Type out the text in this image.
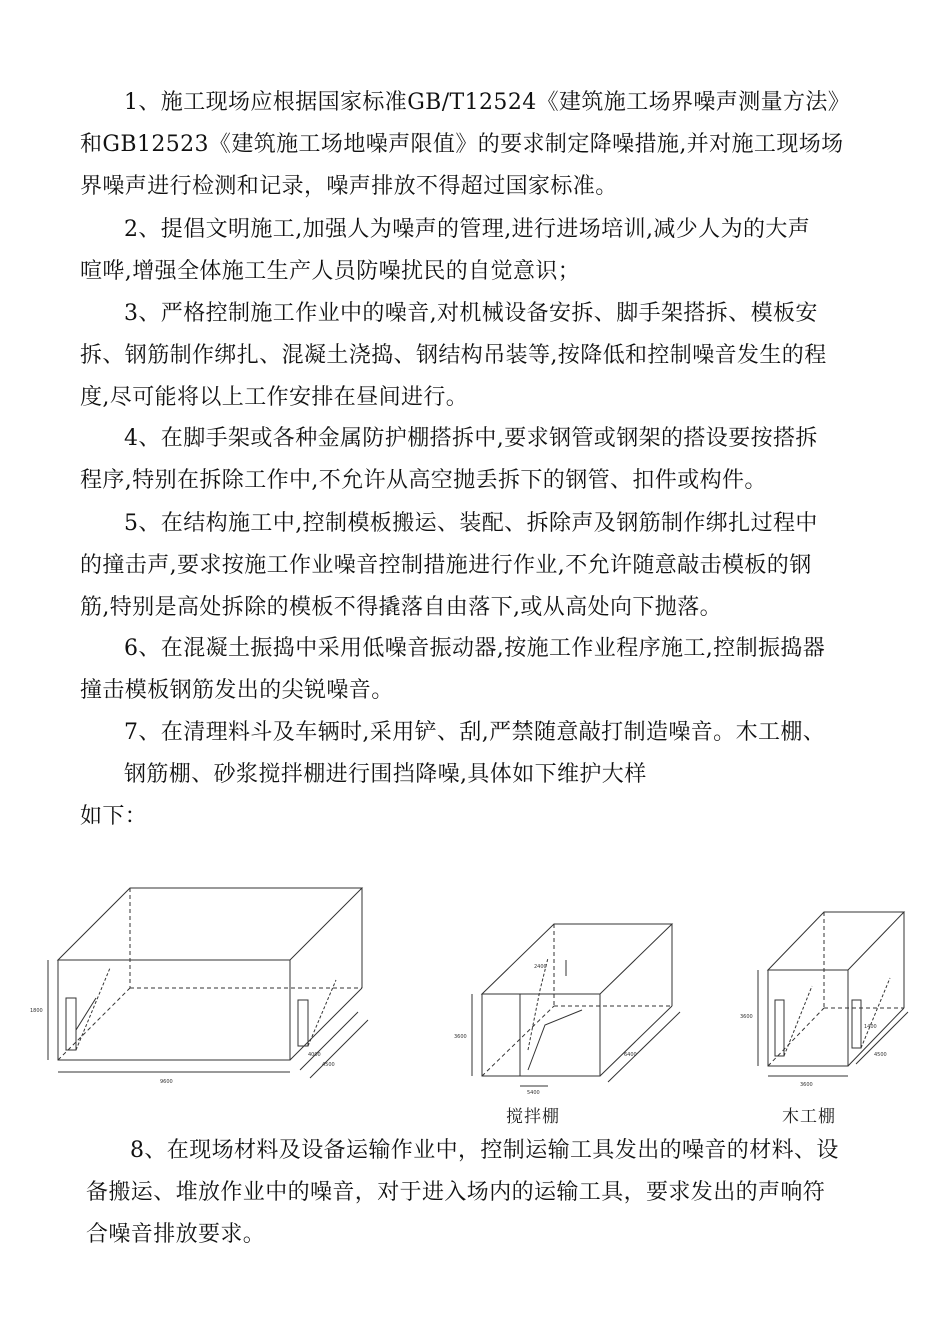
1、施工现场应根据国家标准GB/T12524《建筑施工场界噪声测量方法》
和GB12523《建筑施工场地噪声限值》的要求制定降噪措施,并对施工现场场
界噪声进行检测和记录，噪声排放不得超过国家标准。
2、提倡文明施工,加强人为噪声的管理,进行进场培训,减少人为的大声
喧哗,增强全体施工生产人员防噪扰民的自觉意识；
3、严格控制施工作业中的噪音,对机械设备安拆、脚手架搭拆、模板安
拆、钢筋制作绑扎、混凝土浇捣、钢结构吊装等,按降低和控制噪音发生的程
度,尽可能将以上工作安排在昼间进行。
4、在脚手架或各种金属防护棚搭拆中,要求钢管或钢架的搭设要按搭拆
程序,特别在拆除工作中,不允许从高空抛丢拆下的钢管、扣件或构件。
5、在结构施工中,控制模板搬运、装配、拆除声及钢筋制作绑扎过程中
的撞击声,要求按施工作业噪音控制措施进行作业,不允许随意敲击模板的钢
筋,特别是高处拆除的模板不得撬落自由落下,或从高处向下抛落。
6、在混凝土振捣中采用低噪音振动器,按施工作业程序施工,控制振捣器
撞击模板钢筋发出的尖锐噪音。
7、在清理料斗及车辆时,采用铲、刮,严禁随意敲打制造噪音。木工棚、
钢筋棚、砂浆搅拌棚进行围挡降噪,具体如下维护大样
如下：
9600
4000
4500
1800
5400
3600
6400
2400
3600
3600
4500
1400
搅拌棚	木工棚
8、在现场材料及设备运输作业中，控制运输工具发出的噪音的材料、设
备搬运、堆放作业中的噪音，对于进入场内的运输工具，要求发出的声响符
合噪音排放要求。
